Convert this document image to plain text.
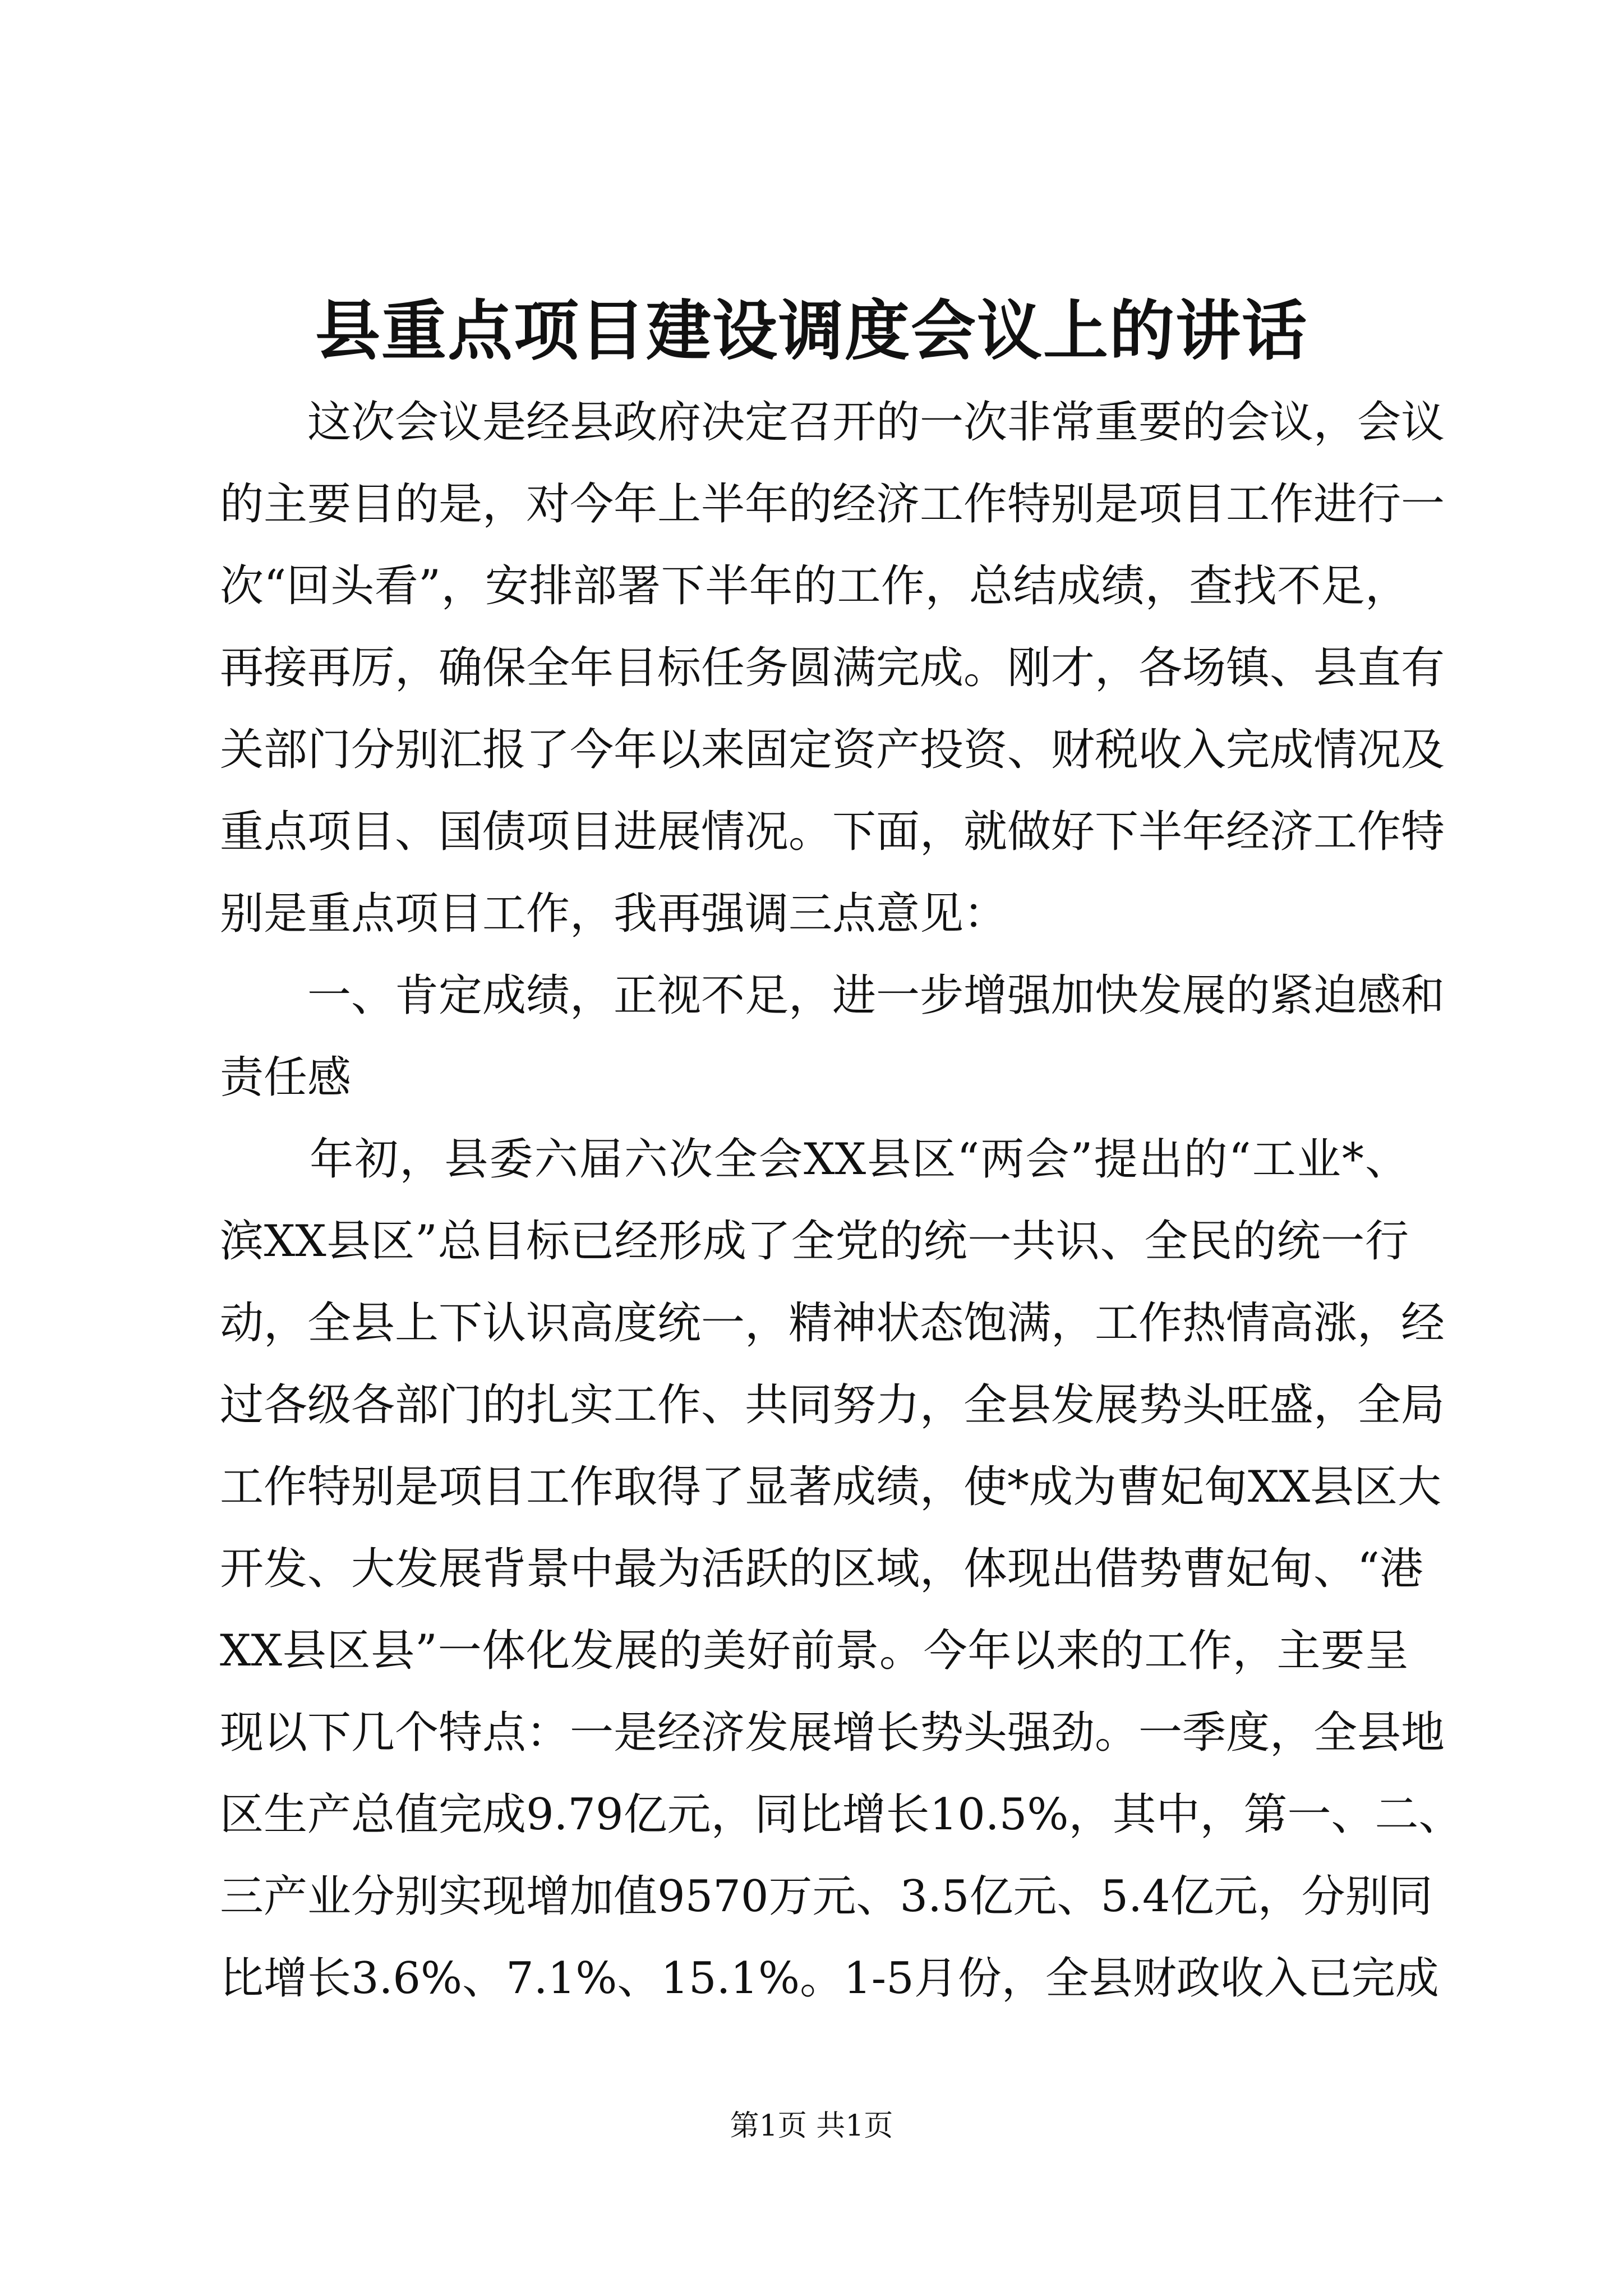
县重点项目建设调度会议上的讲话
　　这次会议是经县政府决定召开的一次非常重要的会议，会议
的主要目的是，对今年上半年的经济工作特别是项目工作进行一
次“回头看”，安排部署下半年的工作，总结成绩，查找不足，
再接再厉，确保全年目标任务圆满完成。刚才，各场镇、县直有
关部门分别汇报了今年以来固定资产投资、财税收入完成情况及
重点项目、国债项目进展情况。下面，就做好下半年经济工作特
别是重点项目工作，我再强调三点意见：
　　一、肯定成绩，正视不足，进一步增强加快发展的紧迫感和
责任感
　　年初，县委六届六次全会XX县区“两会”提出的“工业*、
滨XX县区”总目标已经形成了全党的统一共识、全民的统一行
动，全县上下认识高度统一，精神状态饱满，工作热情高涨，经
过各级各部门的扎实工作、共同努力，全县发展势头旺盛，全局
工作特别是项目工作取得了显著成绩，使*成为曹妃甸XX县区大
开发、大发展背景中最为活跃的区域，体现出借势曹妃甸、“港
XX县区县”一体化发展的美好前景。今年以来的工作，主要呈
现以下几个特点：一是经济发展增长势头强劲。一季度，全县地
区生产总值完成9.79亿元，同比增长10.5%，其中，第一、二、
三产业分别实现增加值9570万元、3.5亿元、5.4亿元，分别同
比增长3.6%、7.1%、15.1%。1-5月份，全县财政收入已完成
第1页 共1页
